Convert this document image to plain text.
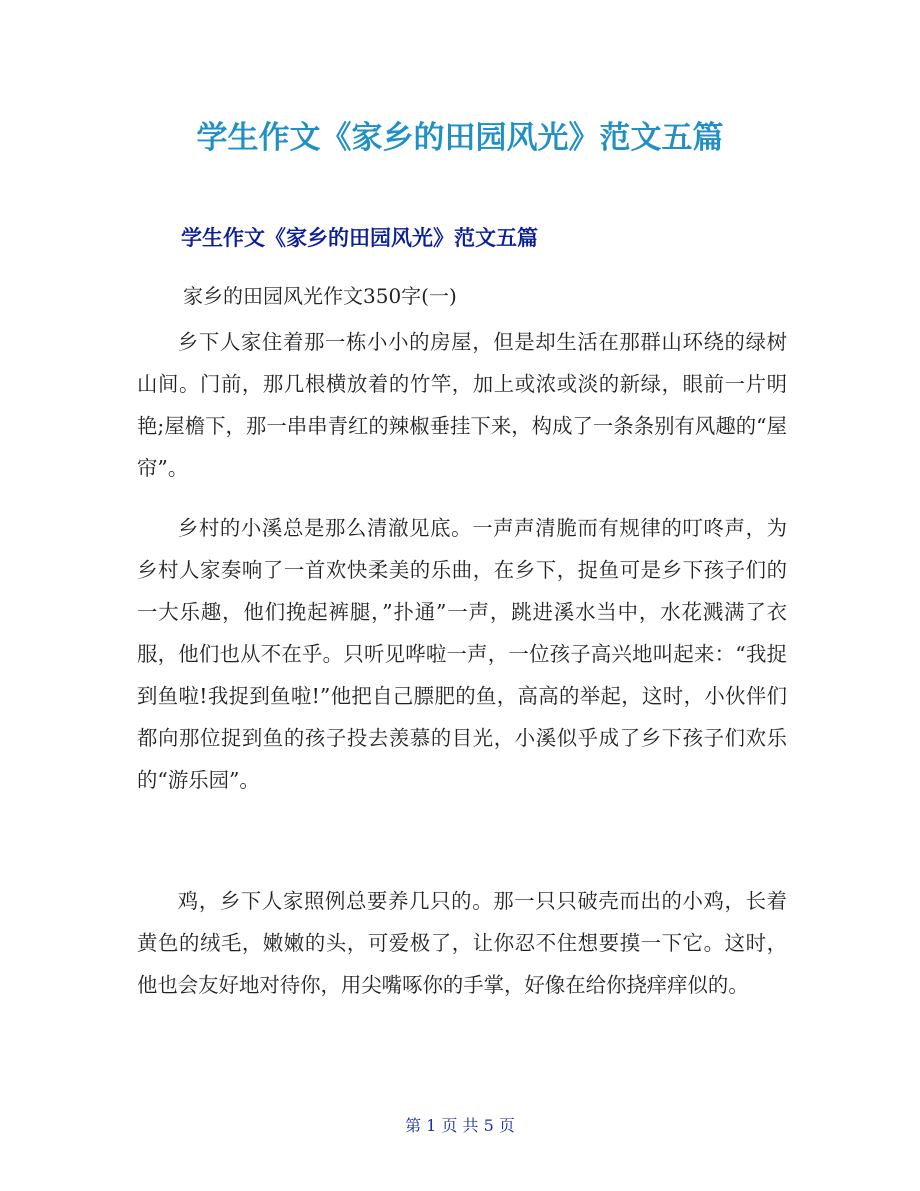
学生作文《家乡的田园风光》范文五篇
学生作文《家乡的田园风光》范文五篇

家乡的田园风光作文350字(一)

乡下人家住着那一栋小小的房屋，但是却生活在那群山环绕的绿树山间。门前，那几根横放着的竹竿，加上或浓或淡的新绿，眼前一片明艳;屋檐下，那一串串青红的辣椒垂挂下来，构成了一条条别有风趣的“屋帘”。

乡村的小溪总是那么清澈见底。一声声清脆而有规律的叮咚声，为乡村人家奏响了一首欢快柔美的乐曲，在乡下，捉鱼可是乡下孩子们的一大乐趣，他们挽起裤腿，”扑通”一声，跳进溪水当中，水花溅满了衣服，他们也从不在乎。只听见哗啦一声，一位孩子高兴地叫起来：“我捉到鱼啦!我捉到鱼啦!”他把自己膘肥的鱼，高高的举起，这时，小伙伴们都向那位捉到鱼的孩子投去羡慕的目光，小溪似乎成了乡下孩子们欢乐的“游乐园”。

鸡，乡下人家照例总要养几只的。那一只只破壳而出的小鸡，长着黄色的绒毛，嫩嫩的头，可爱极了，让你忍不住想要摸一下它。这时，他也会友好地对待你，用尖嘴啄你的手掌，好像在给你挠痒痒似的。

第 1 页 共 5 页
